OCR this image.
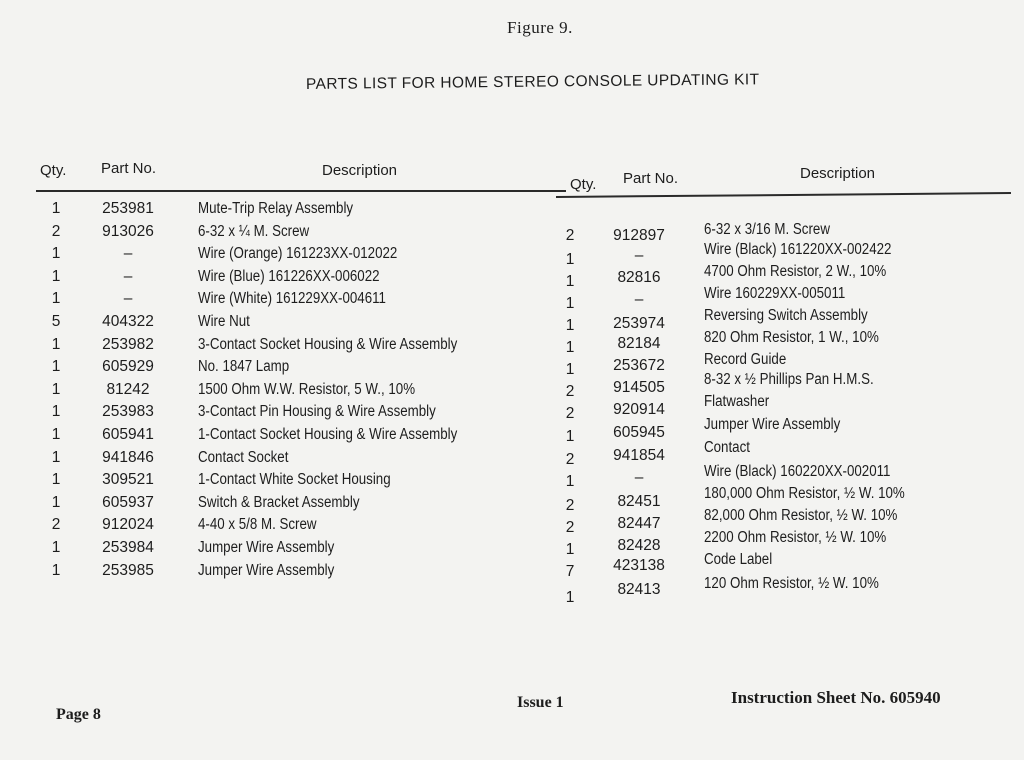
Figure 9.
PARTS LIST FOR HOME STEREO CONSOLE UPDATING KIT
Qty. Part No.	Description
Qty. Part No.	Description
1	253981	Mute-Trip Relay Assembly
2	913026	6-32 x ¼ M. Screw
1	–	Wire (Orange) 161223XX-012022
1	–	Wire (Blue) 161226XX-006022
1	–	Wire (White) 161229XX-004611
5	404322	Wire Nut
1	253982	3-Contact Socket Housing & Wire Assembly
1	605929	No. 1847 Lamp
1	81242	1500 Ohm W.W. Resistor, 5 W., 10%
1	253983	3-Contact Pin Housing & Wire Assembly
1	605941	1-Contact Socket Housing & Wire Assembly
1	941846	Contact Socket
1	309521	1-Contact White Socket Housing
1	605937	Switch & Bracket Assembly
2	912024	4-40 x 5/8 M. Screw
1	253984	Jumper Wire Assembly
1	253985	Jumper Wire Assembly
2	912897	6-32 x 3/16 M. Screw
1	–	Wire (Black) 161220XX-002422
1	82816	4700 Ohm Resistor, 2 W., 10%
1	–	Wire 160229XX-005011
1	253974	Reversing Switch Assembly
1	82184	820 Ohm Resistor, 1 W., 10%
1	253672	Record Guide
2	914505	8-32 x ½ Phillips Pan H.M.S.
2	920914	Flatwasher
1	605945	Jumper Wire Assembly
2	941854	Contact
1	–	Wire (Black) 160220XX-002011
2	82451	180,000 Ohm Resistor, ½ W. 10%
2	82447	82,000 Ohm Resistor, ½ W. 10%
1	82428	2200 Ohm Resistor, ½ W. 10%
7	423138	Code Label
1	82413	120 Ohm Resistor, ½ W. 10%
Page 8
Issue 1	Instruction Sheet No. 605940
